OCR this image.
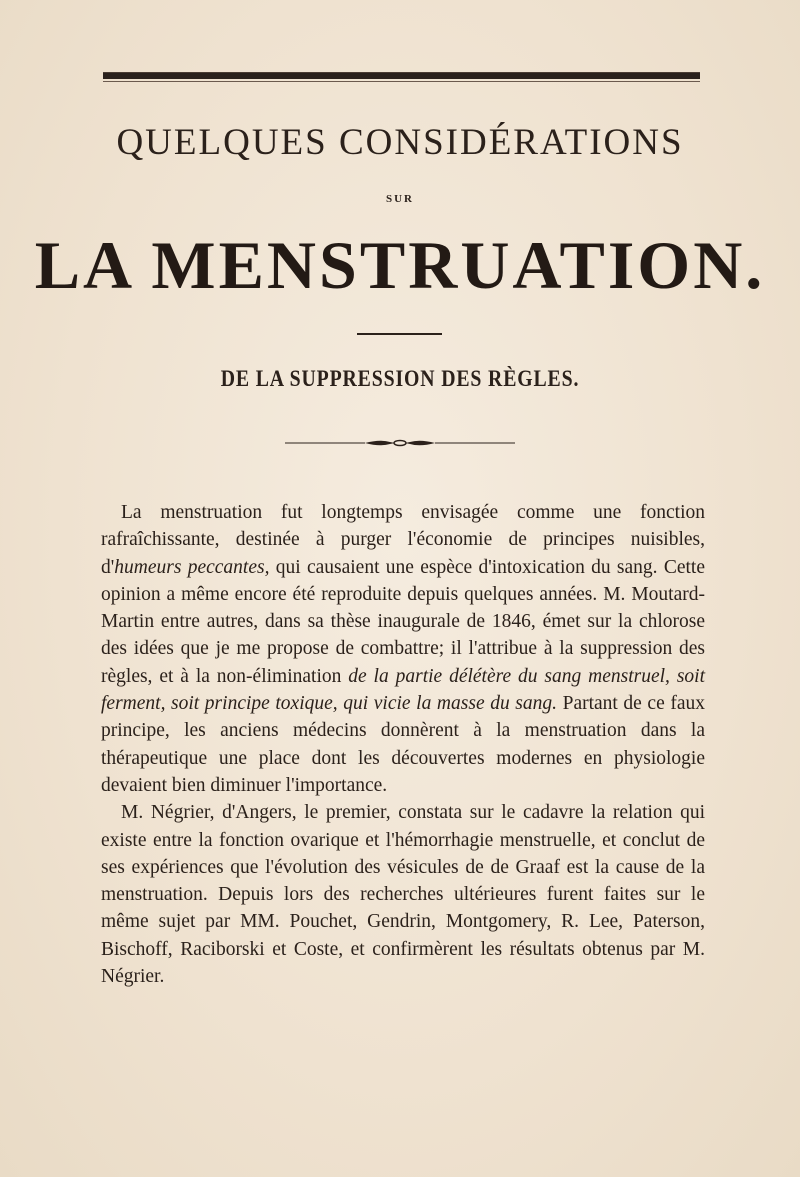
QUELQUES CONSIDÉRATIONS
SUR
LA MENSTRUATION.
DE LA SUPPRESSION DES RÈGLES.

La menstruation fut longtemps envisagée comme une fonction rafraîchissante, destinée à purger l'économie de principes nuisibles, d'humeurs peccantes, qui causaient une espèce d'intoxication du sang. Cette opinion a même encore été reproduite depuis quelques années. M. Moutard-Martin entre autres, dans sa thèse inaugurale de 1846, émet sur la chlorose des idées que je me propose de combattre; il l'attribue à la suppression des règles, et à la non-élimination de la partie délétère du sang menstruel, soit ferment, soit principe toxique, qui vicie la masse du sang. Partant de ce faux principe, les anciens médecins donnèrent à la menstruation dans la thérapeutique une place dont les découvertes modernes en physiologie devaient bien diminuer l'importance.

M. Négrier, d'Angers, le premier, constata sur le cadavre la relation qui existe entre la fonction ovarique et l'hémorrhagie menstruelle, et conclut de ses expériences que l'évolution des vésicules de de Graaf est la cause de la menstruation. Depuis lors des recherches ultérieures furent faites sur le même sujet par MM. Pouchet, Gendrin, Montgomery, R. Lee, Paterson, Bischoff, Raciborski et Coste, et confirmèrent les résultats obtenus par M. Négrier.
